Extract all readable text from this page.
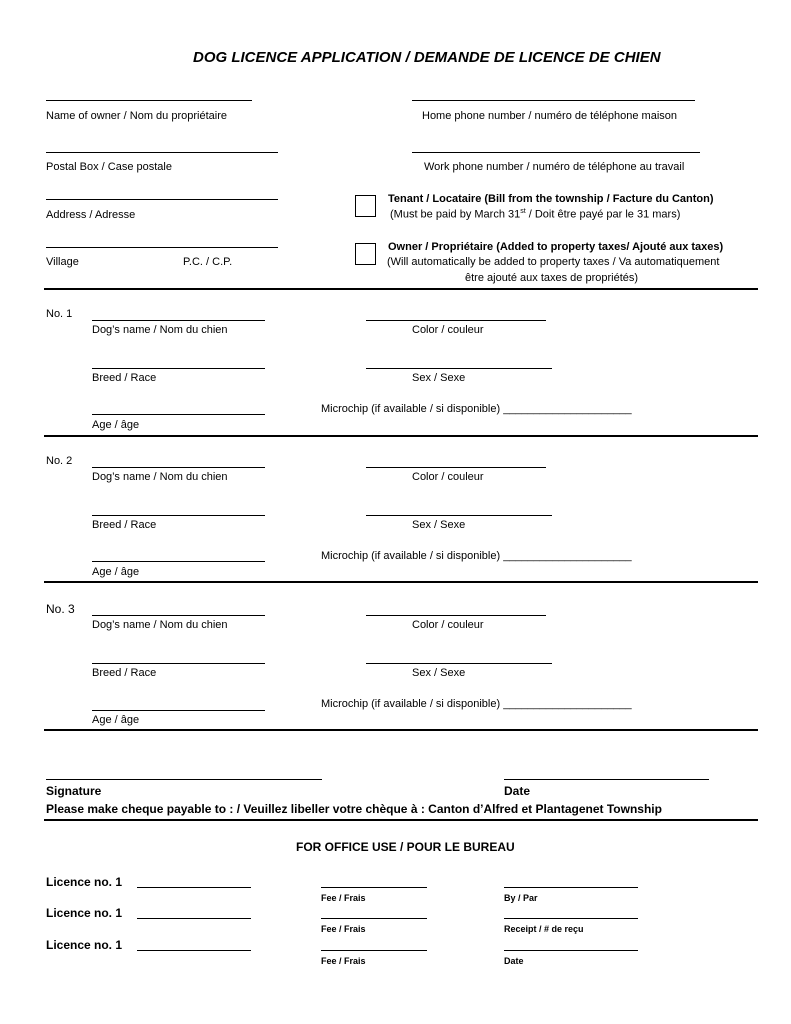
DOG LICENCE APPLICATION / DEMANDE DE LICENCE DE CHIEN
Name of owner / Nom du propriétaire
Postal Box / Case postale
Address / Adresse
Village	P.C. / C.P.
Home phone number / numéro de téléphone maison
Work phone number / numéro de téléphone au travail
Tenant / Locataire (Bill from the township / Facture du Canton)
(Must be paid by March 31st / Doit être payé par le 31 mars)
Owner / Propriétaire (Added to property taxes/ Ajouté aux taxes)
(Will automatically be added to property taxes / Va automatiquement
être ajouté aux taxes de propriétés)
No. 1
Dog’s name / Nom du chien	Color / couleur
Breed / Race	Sex / Sexe
Microchip (if available / si disponible) _____________________
Age / âge
No. 2
Dog’s name / Nom du chien	Color / couleur
Breed / Race	Sex / Sexe
Microchip (if available / si disponible) _____________________
Age / âge
No. 3
Dog’s name / Nom du chien	Color / couleur
Breed / Race	Sex / Sexe
Microchip (if available / si disponible) _____________________
Age / âge
Signature	Date
Please make cheque payable to : / Veuillez libeller votre chèque à : Canton d’Alfred et Plantagenet Township
FOR OFFICE USE / POUR LE BUREAU
Licence no. 1
Fee / Frais	By / Par
Licence no. 1
Fee / Frais	Receipt / # de reçu
Licence no. 1
Fee / Frais	Date
